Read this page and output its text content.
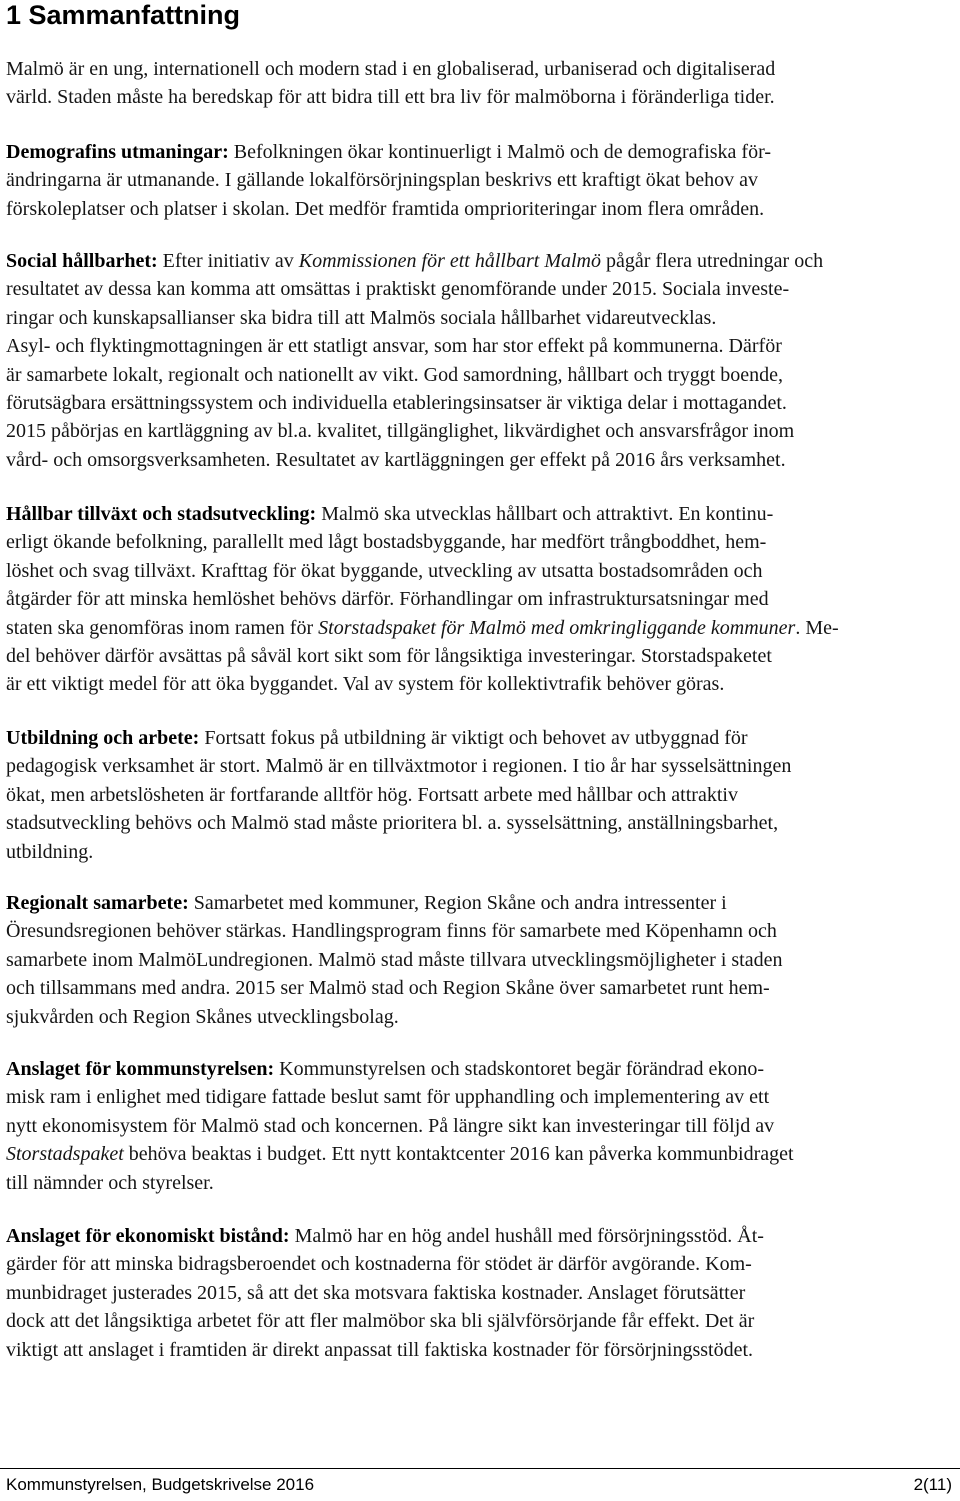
1 Sammanfattning

Malmö är en ung, internationell och modern stad i en globaliserad, urbaniserad och digitaliserad
värld. Staden måste ha beredskap för att bidra till ett bra liv för malmöborna i föränderliga tider.

Demografins utmaningar: Befolkningen ökar kontinuerligt i Malmö och de demografiska för-
ändringarna är utmanande. I gällande lokalförsörjningsplan beskrivs ett kraftigt ökat behov av
förskoleplatser och platser i skolan. Det medför framtida omprioriteringar inom flera områden.

Social hållbarhet: Efter initiativ av Kommissionen för ett hållbart Malmö pågår flera utredningar och
resultatet av dessa kan komma att omsättas i praktiskt genomförande under 2015. Sociala investe-
ringar och kunskapsallianser ska bidra till att Malmös sociala hållbarhet vidareutvecklas.
Asyl- och flyktingmottagningen är ett statligt ansvar, som har stor effekt på kommunerna. Därför
är samarbete lokalt, regionalt och nationellt av vikt. God samordning, hållbart och tryggt boende,
förutsägbara ersättningssystem och individuella etableringsinsatser är viktiga delar i mottagandet.
2015 påbörjas en kartläggning av bl.a. kvalitet, tillgänglighet, likvärdighet och ansvarsfrågor inom
vård- och omsorgsverksamheten. Resultatet av kartläggningen ger effekt på 2016 års verksamhet.

Hållbar tillväxt och stadsutveckling: Malmö ska utvecklas hållbart och attraktivt. En kontinu-
erligt ökande befolkning, parallellt med lågt bostadsbyggande, har medfört trångboddhet, hem-
löshet och svag tillväxt. Krafttag för ökat byggande, utveckling av utsatta bostadsområden och
åtgärder för att minska hemlöshet behövs därför. Förhandlingar om infrastruktursatsningar med
staten ska genomföras inom ramen för Storstadspaket för Malmö med omkringliggande kommuner. Me-
del behöver därför avsättas på såväl kort sikt som för långsiktiga investeringar. Storstadspaketet
är ett viktigt medel för att öka byggandet. Val av system för kollektivtrafik behöver göras.

Utbildning och arbete: Fortsatt fokus på utbildning är viktigt och behovet av utbyggnad för
pedagogisk verksamhet är stort. Malmö är en tillväxtmotor i regionen. I tio år har sysselsättningen
ökat, men arbetslösheten är fortfarande alltför hög. Fortsatt arbete med hållbar och attraktiv
stadsutveckling behövs och Malmö stad måste prioritera bl. a. sysselsättning, anställningsbarhet,
utbildning.

Regionalt samarbete: Samarbetet med kommuner, Region Skåne och andra intressenter i
Öresundsregionen behöver stärkas. Handlingsprogram finns för samarbete med Köpenhamn och
samarbete inom MalmöLundregionen. Malmö stad måste tillvara utvecklingsmöjligheter i staden
och tillsammans med andra. 2015 ser Malmö stad och Region Skåne över samarbetet runt hem-
sjukvården och Region Skånes utvecklingsbolag.

Anslaget för kommunstyrelsen: Kommunstyrelsen och stadskontoret begär förändrad ekono-
misk ram i enlighet med tidigare fattade beslut samt för upphandling och implementering av ett
nytt ekonomisystem för Malmö stad och koncernen. På längre sikt kan investeringar till följd av
Storstadspaket behöva beaktas i budget. Ett nytt kontaktcenter 2016 kan påverka kommunbidraget
till nämnder och styrelser.

Anslaget för ekonomiskt bistånd: Malmö har en hög andel hushåll med försörjningsstöd. Åt-
gärder för att minska bidragsberoendet och kostnaderna för stödet är därför avgörande. Kom-
munbidraget justerades 2015, så att det ska motsvara faktiska kostnader. Anslaget förutsätter
dock att det långsiktiga arbetet för att fler malmöbor ska bli självförsörjande får effekt. Det är
viktigt att anslaget i framtiden är direkt anpassat till faktiska kostnader för försörjningsstödet.

Kommunstyrelsen, Budgetskrivelse 2016	2(11)
